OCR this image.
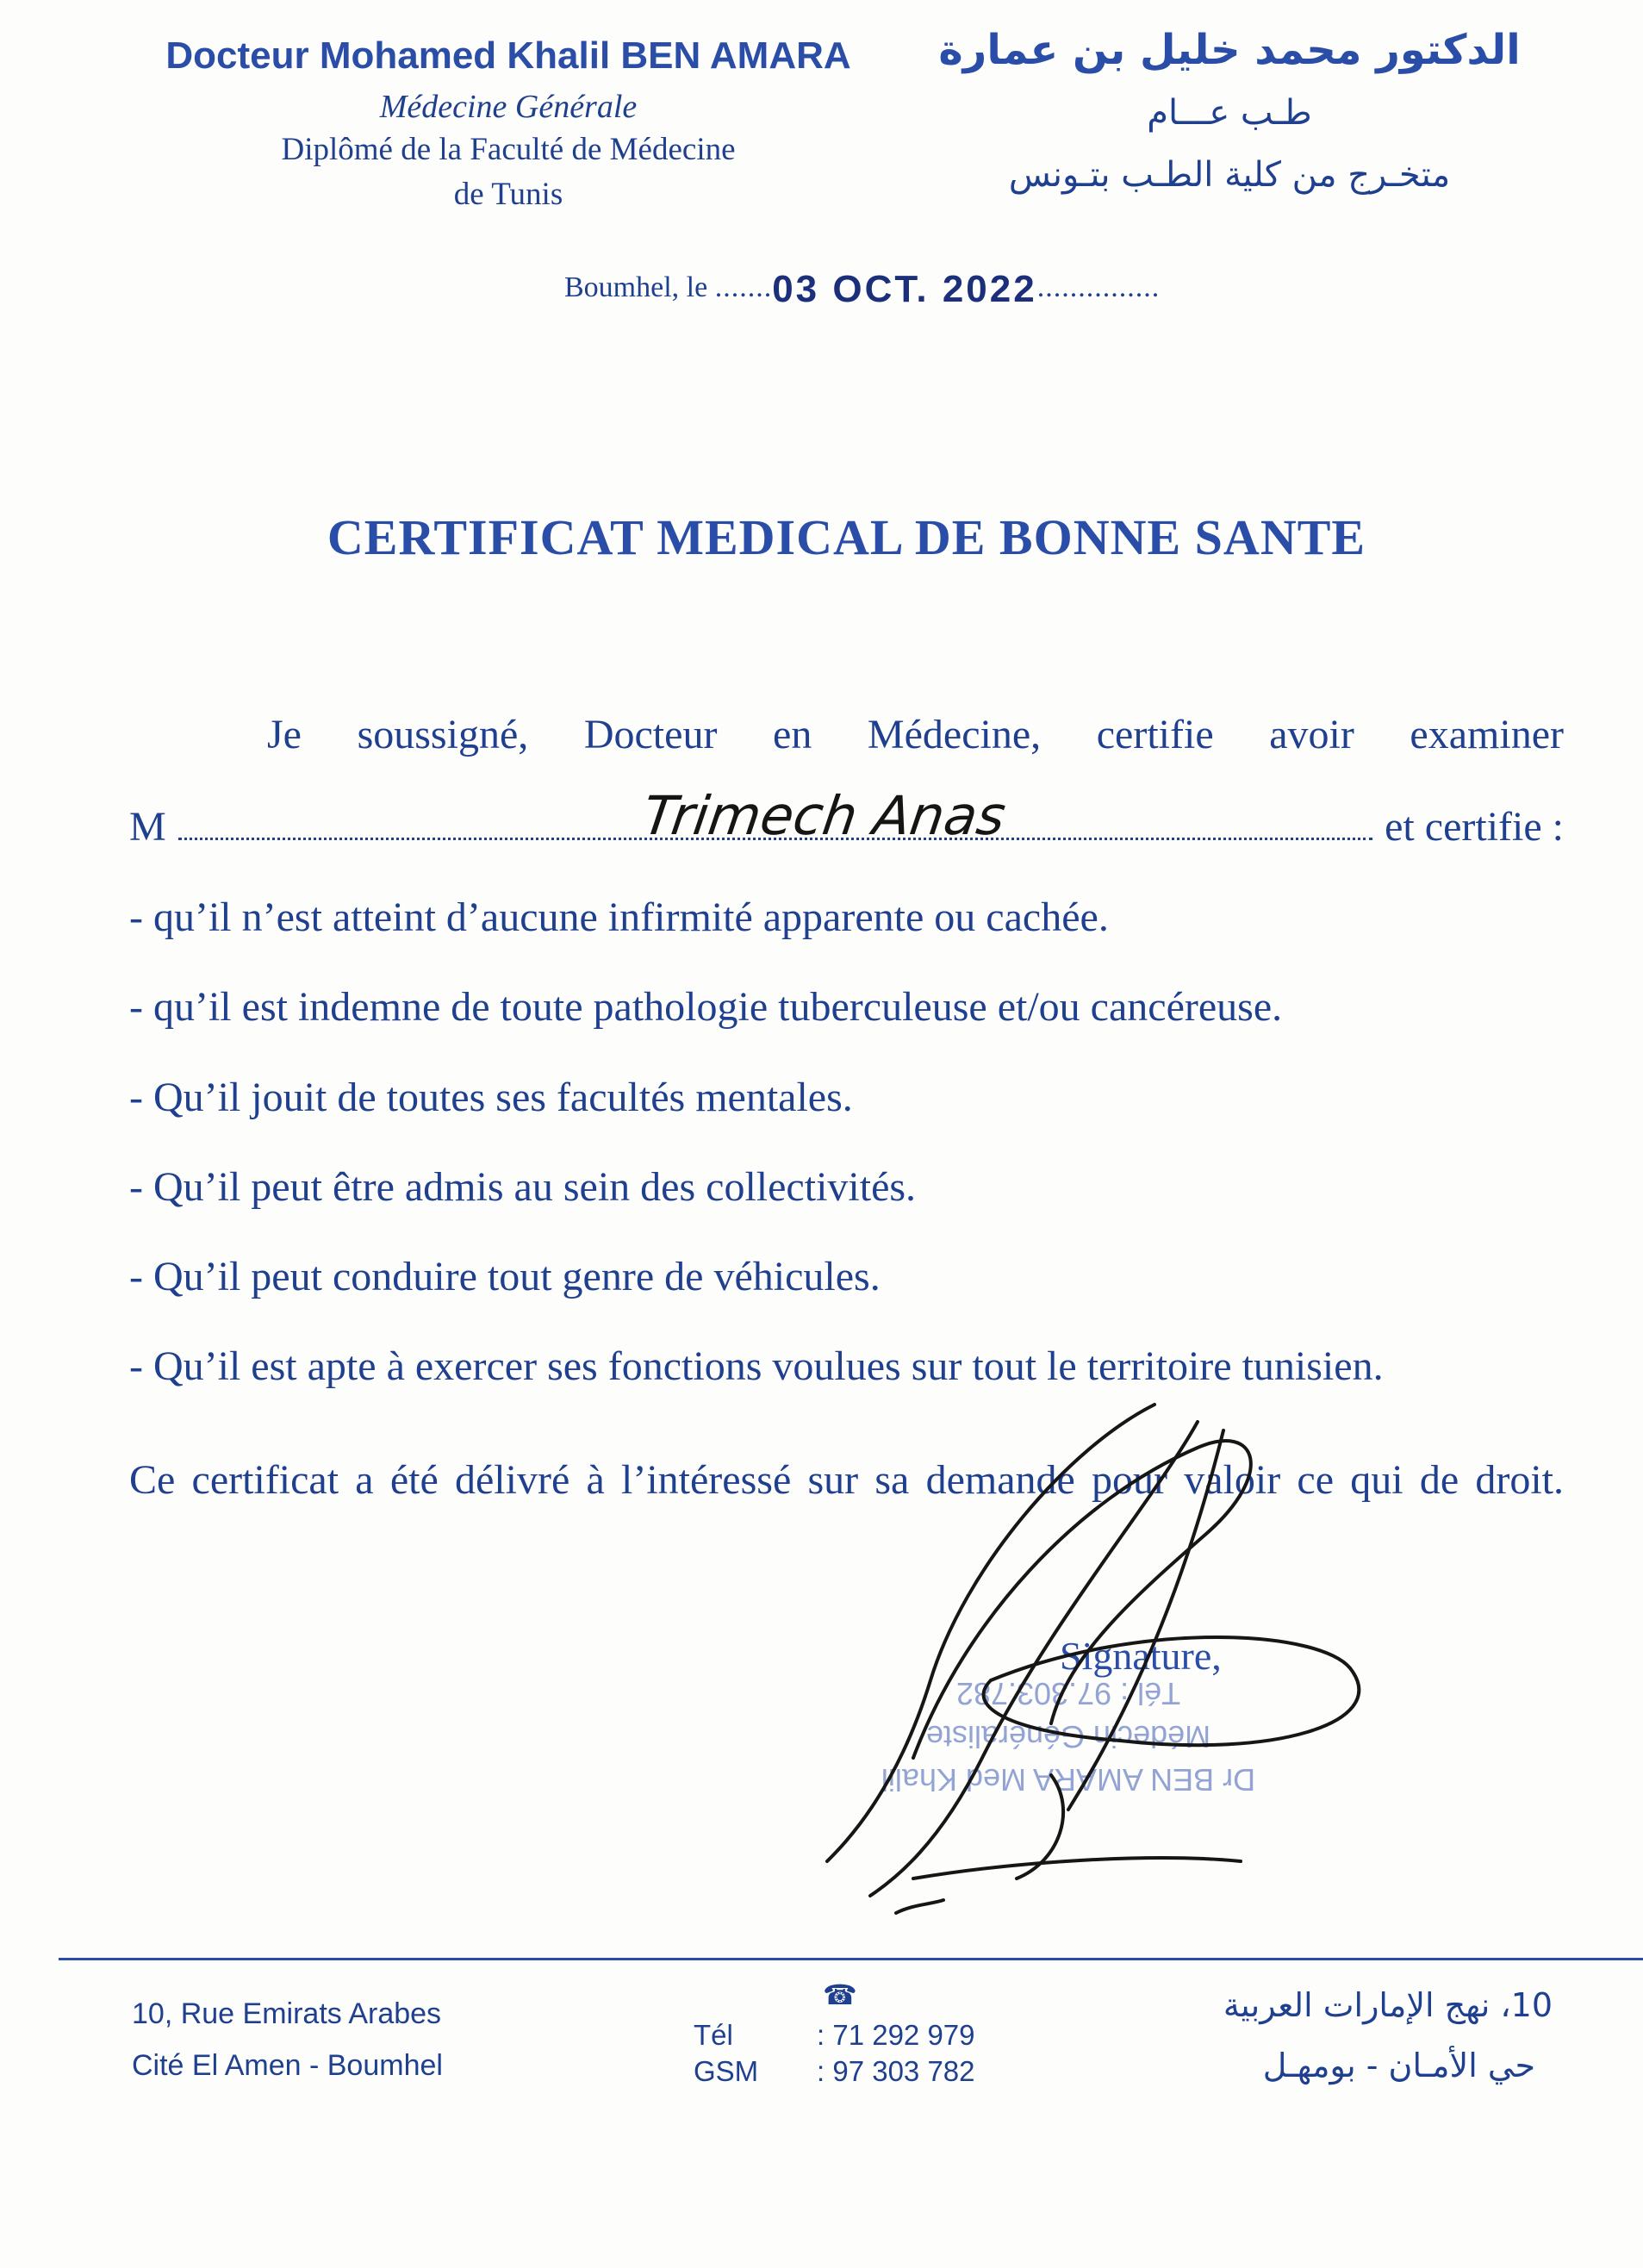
Docteur Mohamed Khalil BEN AMARA
Médecine Générale
Diplômé de la Faculté de Médecine
de Tunis
الدكتور محمد خليل بن عمارة
طـب عـــام
متخـرج من كلية الطـب بتـونس
Boumhel, le .......03 OCT. 2022...............
CERTIFICAT MEDICAL DE BONNE SANTE
Je soussigné, Docteur en Médecine, certifie avoir examiner
M	Trimech Anas	et certifie :
- qu’il n’est atteint d’aucune infirmité apparente ou cachée.
- qu’il est indemne de toute pathologie tuberculeuse et/ou cancéreuse.
- Qu’il jouit de toutes ses facultés mentales.
- Qu’il peut être admis au sein des collectivités.
- Qu’il peut conduire tout genre de véhicules.
- Qu’il est apte à exercer ses fonctions voulues sur tout le territoire tunisien.
Ce certificat a été délivré à l’intéressé sur sa demande pour valoir ce qui de droit.
Dr BEN AMARA Med Khalil
Médecin Généraliste
Tél : 97.303.782
Signature,
10, Rue Emirats Arabes
Cité El Amen - Boumhel
☎
Tél	: 71 292 979
GSM : 97 303 782
10، نهج الإمارات العربية
حي الأمـان - بومهـل
